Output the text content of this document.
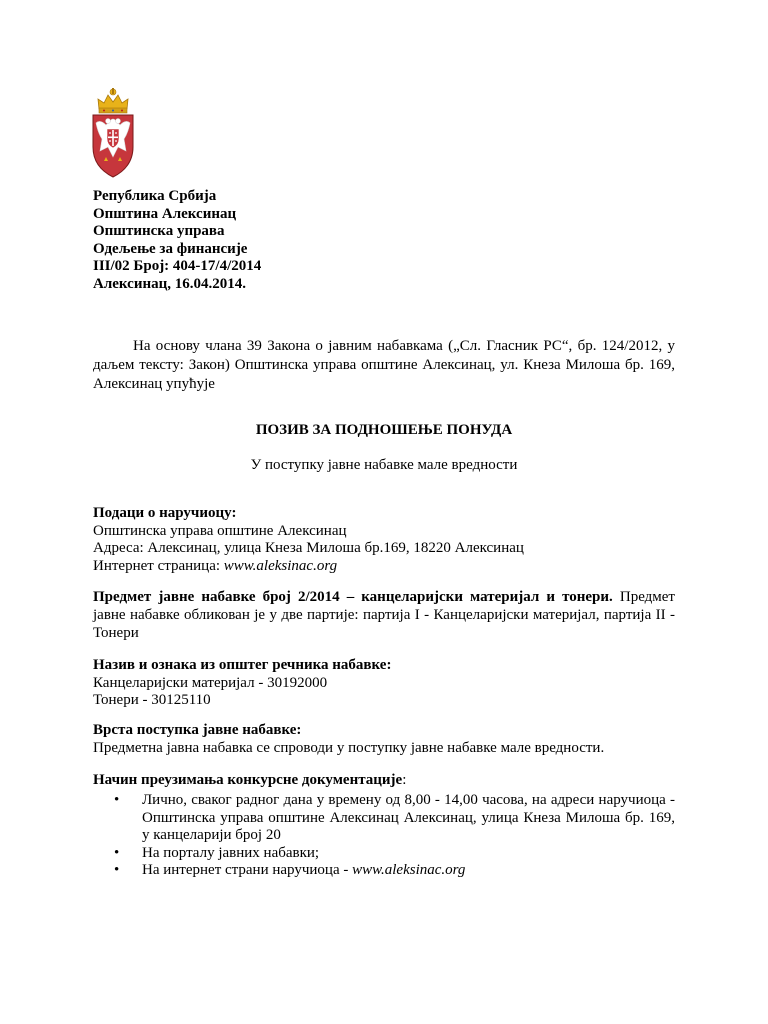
Република Србија
Општина Алексинац
Општинска управа
Одељење за финансије
III/02 Број: 404-17/4/2014
Алексинац, 16.04.2014.
На основу члана 39 Закона о јавним набавкама („Сл. Гласник РС“, бр. 124/2012, у даљем тексту: Закон) Општинска управа општине Алексинац, ул. Кнеза Милоша бр. 169, Алексинац упућује
ПОЗИВ ЗА ПОДНОШЕЊЕ ПОНУДА
У поступку јавне набавке мале вредности
Подаци о наручиоцу:
Општинска управа општине Алексинац
Адреса: Алексинац, улица Кнеза Милоша бр.169, 18220 Алексинац
Интернет страница: www.aleksinac.org
Предмет јавне набавке број 2/2014 – канцеларијски материјал и тонери. Предмет јавне набавке обликован је у две партије: партија I - Канцеларијски материјал, партија II - Тонери
Назив и ознака из општег речника набавке:
Канцеларијски материјал - 30192000
Тонери - 30125110
Врста поступка јавне набавке:
Предметна јавна набавка се спроводи у поступку јавне набавке мале вредности.
Начин преузимања конкурсне документације:
• Лично, сваког радног дана у времену од 8,00 - 14,00 часова, на адреси наручиоца - Општинска управа општине Алексинац Алексинац, улица Кнеза Милоша бр. 169, у канцеларији број 20
• На порталу јавних набавки;
• На интернет страни наручиоца - www.aleksinac.org
